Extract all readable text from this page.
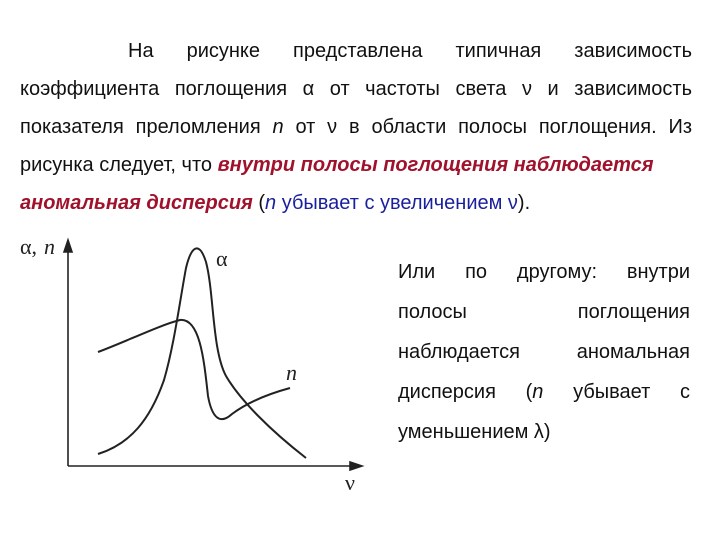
На рисунке представлена типичная зависимость коэффициента поглощения α от частоты света ν и зависимость показателя преломления n от ν в области полосы поглощения. Из рисунка следует, что внутри полосы поглощения наблюдается
аномальная дисперсия (n убывает с увеличением ν).
α, n	α
n
ν
Или по другому: внутри полосы поглощения наблюдается аномальная дисперсия (n убывает с уменьшением λ)
